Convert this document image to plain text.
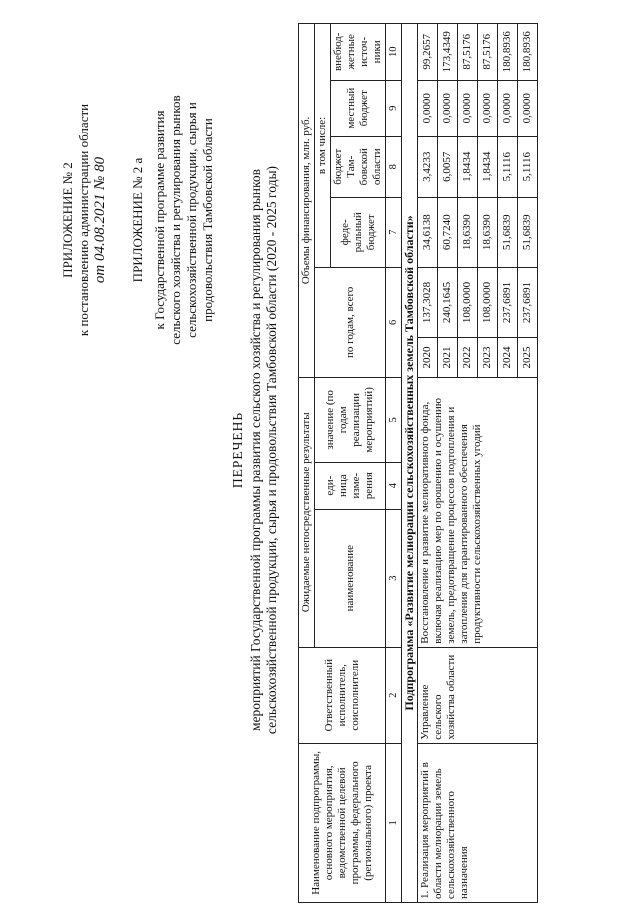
ПРИЛОЖЕНИЕ № 2 к постановлению администрации области от 04.08.2021 № 80 ПРИЛОЖЕНИЕ № 2 а к Государственной программе развития сельского хозяйства и регулирования рынков сельскохозяйственной продукции, сырья и продовольствия Тамбовской области
ПЕРЕЧЕНЬ мероприятий Государственной программы развития сельского хозяйства и регулирования рынков сельскохозяйственной продукции, сырья и продовольствия Тамбовской области (2020 - 2025 годы)
Наименование подпрограммы, основного мероприятия, ведомственной целевой программы, федерального (регионального) проекта	Ответственный исполнитель, соисполнители	Ожидаемые непосредственные результаты			Объемы финансирования, млн. руб.					
		наименование	еди-ница изме-рения	значение (по годам реализации мероприятий)	по годам, всего		в том числе:			
							феде-ральный бюджет	бюджет Там-бовской области	местный бюджет	внебюд-жетные источ-ники
1	2	3	4	5	6		7	8	9	10
Подпрограмма «Развитие мелиорации сельскохозяйственных земель Тамбовской области»										
1. Реализация мероприятий в области мелиорации земель сельскохозяйственного назначения	Управление сельского хозяйства области	Восстановление и развитие мелиоративного фонда, включая реализацию мер по орошению и осушению земель, предотвращение процессов подтопления и затопления для гарантированного обеспечения продуктивности сельскохозяйственных угодий			2020	137,3028	34,6138	3,4233	0,0000	99,2657
					2021	240,1645	60,7240	6,0057	0,0000	173,4349
					2022	108,0000	18,6390	1,8434	0,0000	87,5176
					2023	108,0000	18,6390	1,8434	0,0000	87,5176
					2024	237,6891	51,6839	5,1116	0,0000	180,8936
					2025	237,6891	51,6839	5,1116	0,0000	180,8936
